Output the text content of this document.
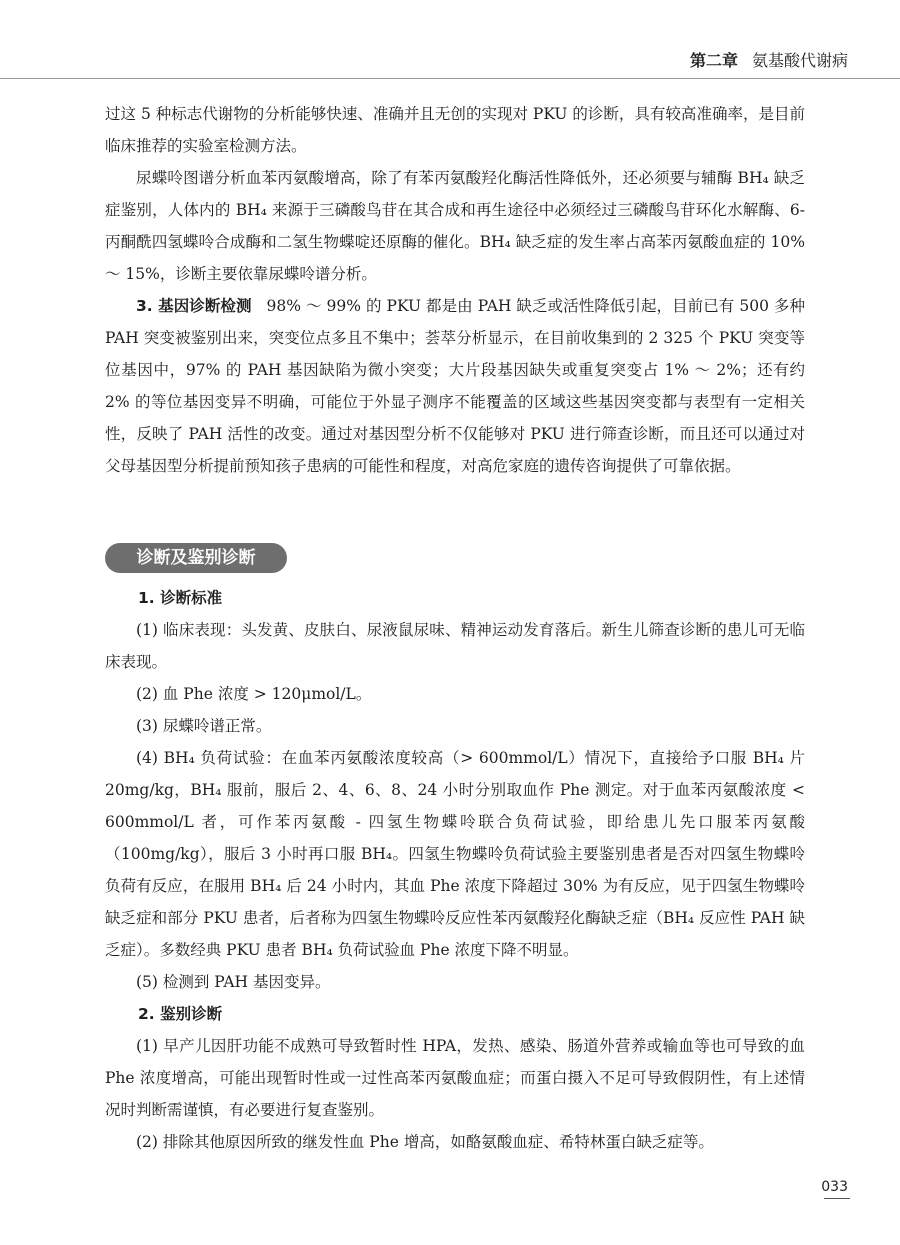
第二章 氨基酸代谢病

过这 5 种标志代谢物的分析能够快速、准确并且无创的实现对 PKU 的诊断，具有较高准确率，是目前临床推荐的实验室检测方法。

尿蝶呤图谱分析血苯丙氨酸增高，除了有苯丙氨酸羟化酶活性降低外，还必须要与辅酶 BH₄ 缺乏症鉴别，人体内的 BH₄ 来源于三磷酸鸟苷在其合成和再生途径中必须经过三磷酸鸟苷环化水解酶、6- 丙酮酰四氢蝶呤合成酶和二氢生物蝶啶还原酶的催化。BH₄ 缺乏症的发生率占高苯丙氨酸血症的 10% ～ 15%，诊断主要依靠尿蝶呤谱分析。

3. 基因诊断检测 98% ～ 99% 的 PKU 都是由 PAH 缺乏或活性降低引起，目前已有 500 多种 PAH 突变被鉴别出来，突变位点多且不集中；荟萃分析显示，在目前收集到的 2 325 个 PKU 突变等位基因中，97% 的 PAH 基因缺陷为微小突变；大片段基因缺失或重复突变占 1% ～ 2%；还有约 2% 的等位基因变异不明确，可能位于外显子测序不能覆盖的区域这些基因突变都与表型有一定相关性，反映了 PAH 活性的改变。通过对基因型分析不仅能够对 PKU 进行筛查诊断，而且还可以通过对父母基因型分析提前预知孩子患病的可能性和程度，对高危家庭的遗传咨询提供了可靠依据。

诊断及鉴别诊断

1. 诊断标准

(1) 临床表现：头发黄、皮肤白、尿液鼠尿味、精神运动发育落后。新生儿筛查诊断的患儿可无临床表现。

(2) 血 Phe 浓度 > 120μmol/L。

(3) 尿蝶呤谱正常。

(4) BH₄ 负荷试验：在血苯丙氨酸浓度较高（> 600mmol/L）情况下，直接给予口服 BH₄ 片 20mg/kg，BH₄ 服前，服后 2、4、6、8、24 小时分别取血作 Phe 测定。对于血苯丙氨酸浓度 < 600mmol/L 者，可作苯丙氨酸 - 四氢生物蝶呤联合负荷试验，即给患儿先口服苯丙氨酸（100mg/kg），服后 3 小时再口服 BH₄。四氢生物蝶呤负荷试验主要鉴别患者是否对四氢生物蝶呤负荷有反应，在服用 BH₄ 后 24 小时内，其血 Phe 浓度下降超过 30% 为有反应，见于四氢生物蝶呤缺乏症和部分 PKU 患者，后者称为四氢生物蝶呤反应性苯丙氨酸羟化酶缺乏症（BH₄ 反应性 PAH 缺乏症）。多数经典 PKU 患者 BH₄ 负荷试验血 Phe 浓度下降不明显。

(5) 检测到 PAH 基因变异。

2. 鉴别诊断

(1) 早产儿因肝功能不成熟可导致暂时性 HPA，发热、感染、肠道外营养或输血等也可导致的血 Phe 浓度增高，可能出现暂时性或一过性高苯丙氨酸血症；而蛋白摄入不足可导致假阴性，有上述情况时判断需谨慎，有必要进行复查鉴别。

(2) 排除其他原因所致的继发性血 Phe 增高，如酪氨酸血症、希特林蛋白缺乏症等。

033
